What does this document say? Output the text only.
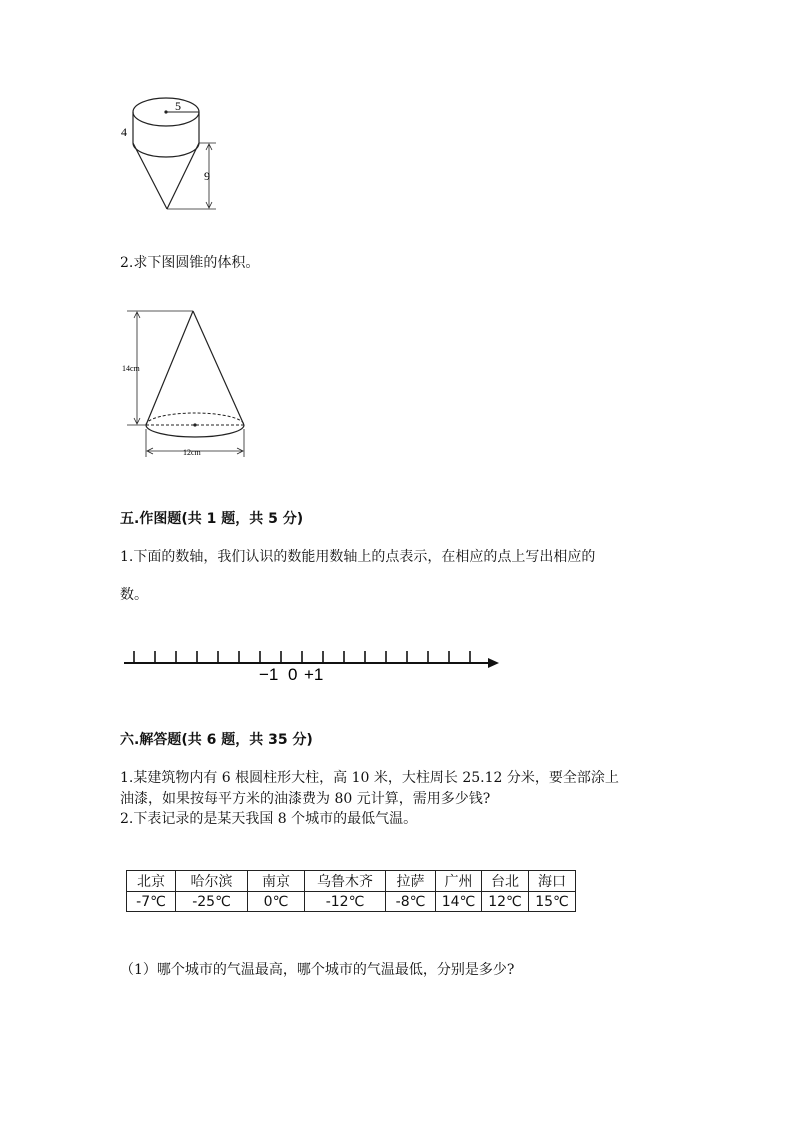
5
4
9
2.求下图圆锥的体积。
14cm
12cm
五.作图题(共 1 题，共 5 分)
1.下面的数轴，我们认识的数能用数轴上的点表示，在相应的点上写出相应的
数。
−1 0 +1
六.解答题(共 6 题，共 35 分)
1.某建筑物内有 6 根圆柱形大柱，高 10 米，大柱周长 25.12 分米，要全部涂上
油漆，如果按每平方米的油漆费为 80 元计算，需用多少钱?
2.下表记录的是某天我国 8 个城市的最低气温。
北京	哈尔滨	南京	乌鲁木齐	拉萨	广州	台北	海口
-7℃	-25℃	0℃	-12℃	-8℃	14℃	12℃	15℃
（1）哪个城市的气温最高，哪个城市的气温最低，分别是多少?
